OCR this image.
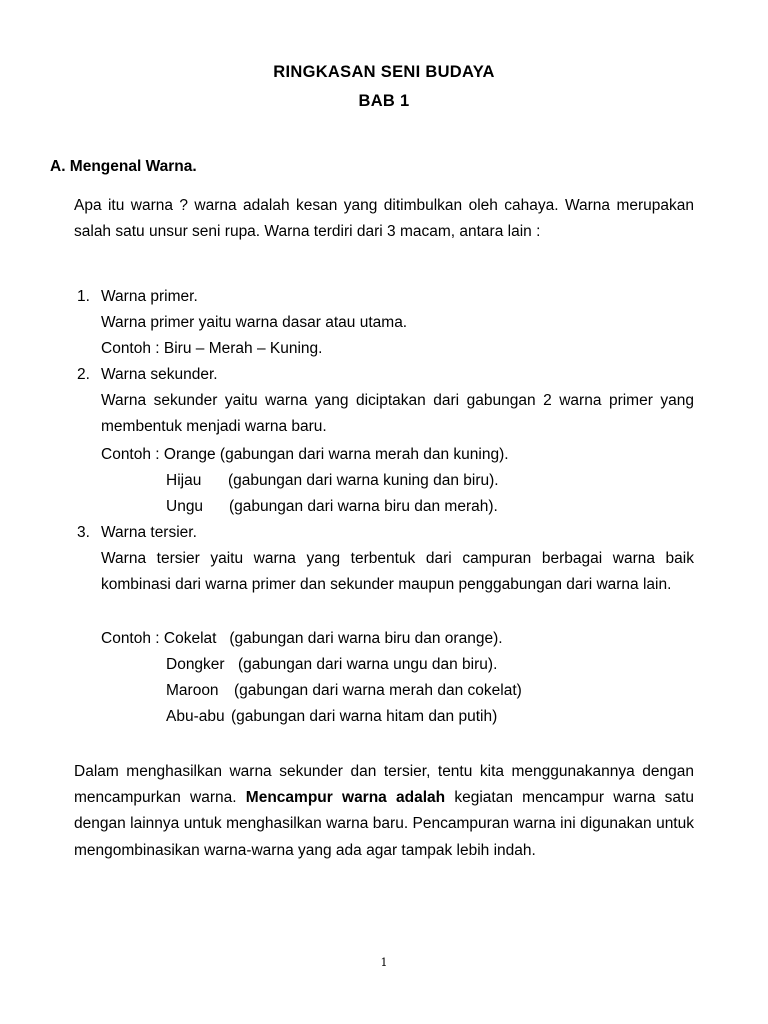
RINGKASAN SENI BUDAYA
BAB 1
A. Mengenal Warna.
Apa itu warna ? warna adalah kesan yang ditimbulkan oleh cahaya. Warna merupakan salah satu unsur seni rupa. Warna terdiri dari 3 macam, antara lain :
1. Warna primer.
Warna primer yaitu warna dasar atau utama.
Contoh : Biru – Merah – Kuning.
2. Warna sekunder.
Warna sekunder yaitu warna yang diciptakan dari gabungan 2 warna primer yang membentuk menjadi warna baru.
Contoh : Orange (gabungan dari warna merah dan kuning).
Hijau (gabungan dari warna kuning dan biru).
Ungu (gabungan dari warna biru dan merah).
3. Warna tersier.
Warna tersier yaitu warna yang terbentuk dari campuran berbagai warna baik kombinasi dari warna primer dan sekunder maupun penggabungan dari warna lain.
Contoh : Cokelat   (gabungan dari warna biru dan orange).
Dongker (gabungan dari warna ungu dan biru).
Maroon (gabungan dari warna merah dan cokelat)
Abu-abu (gabungan dari warna hitam dan putih)
Dalam menghasilkan warna sekunder dan tersier, tentu kita menggunakannya dengan mencampurkan warna. Mencampur warna adalah kegiatan mencampur warna satu dengan lainnya untuk menghasilkan warna baru. Pencampuran warna ini digunakan untuk mengombinasikan warna-warna yang ada agar tampak lebih indah.
1
